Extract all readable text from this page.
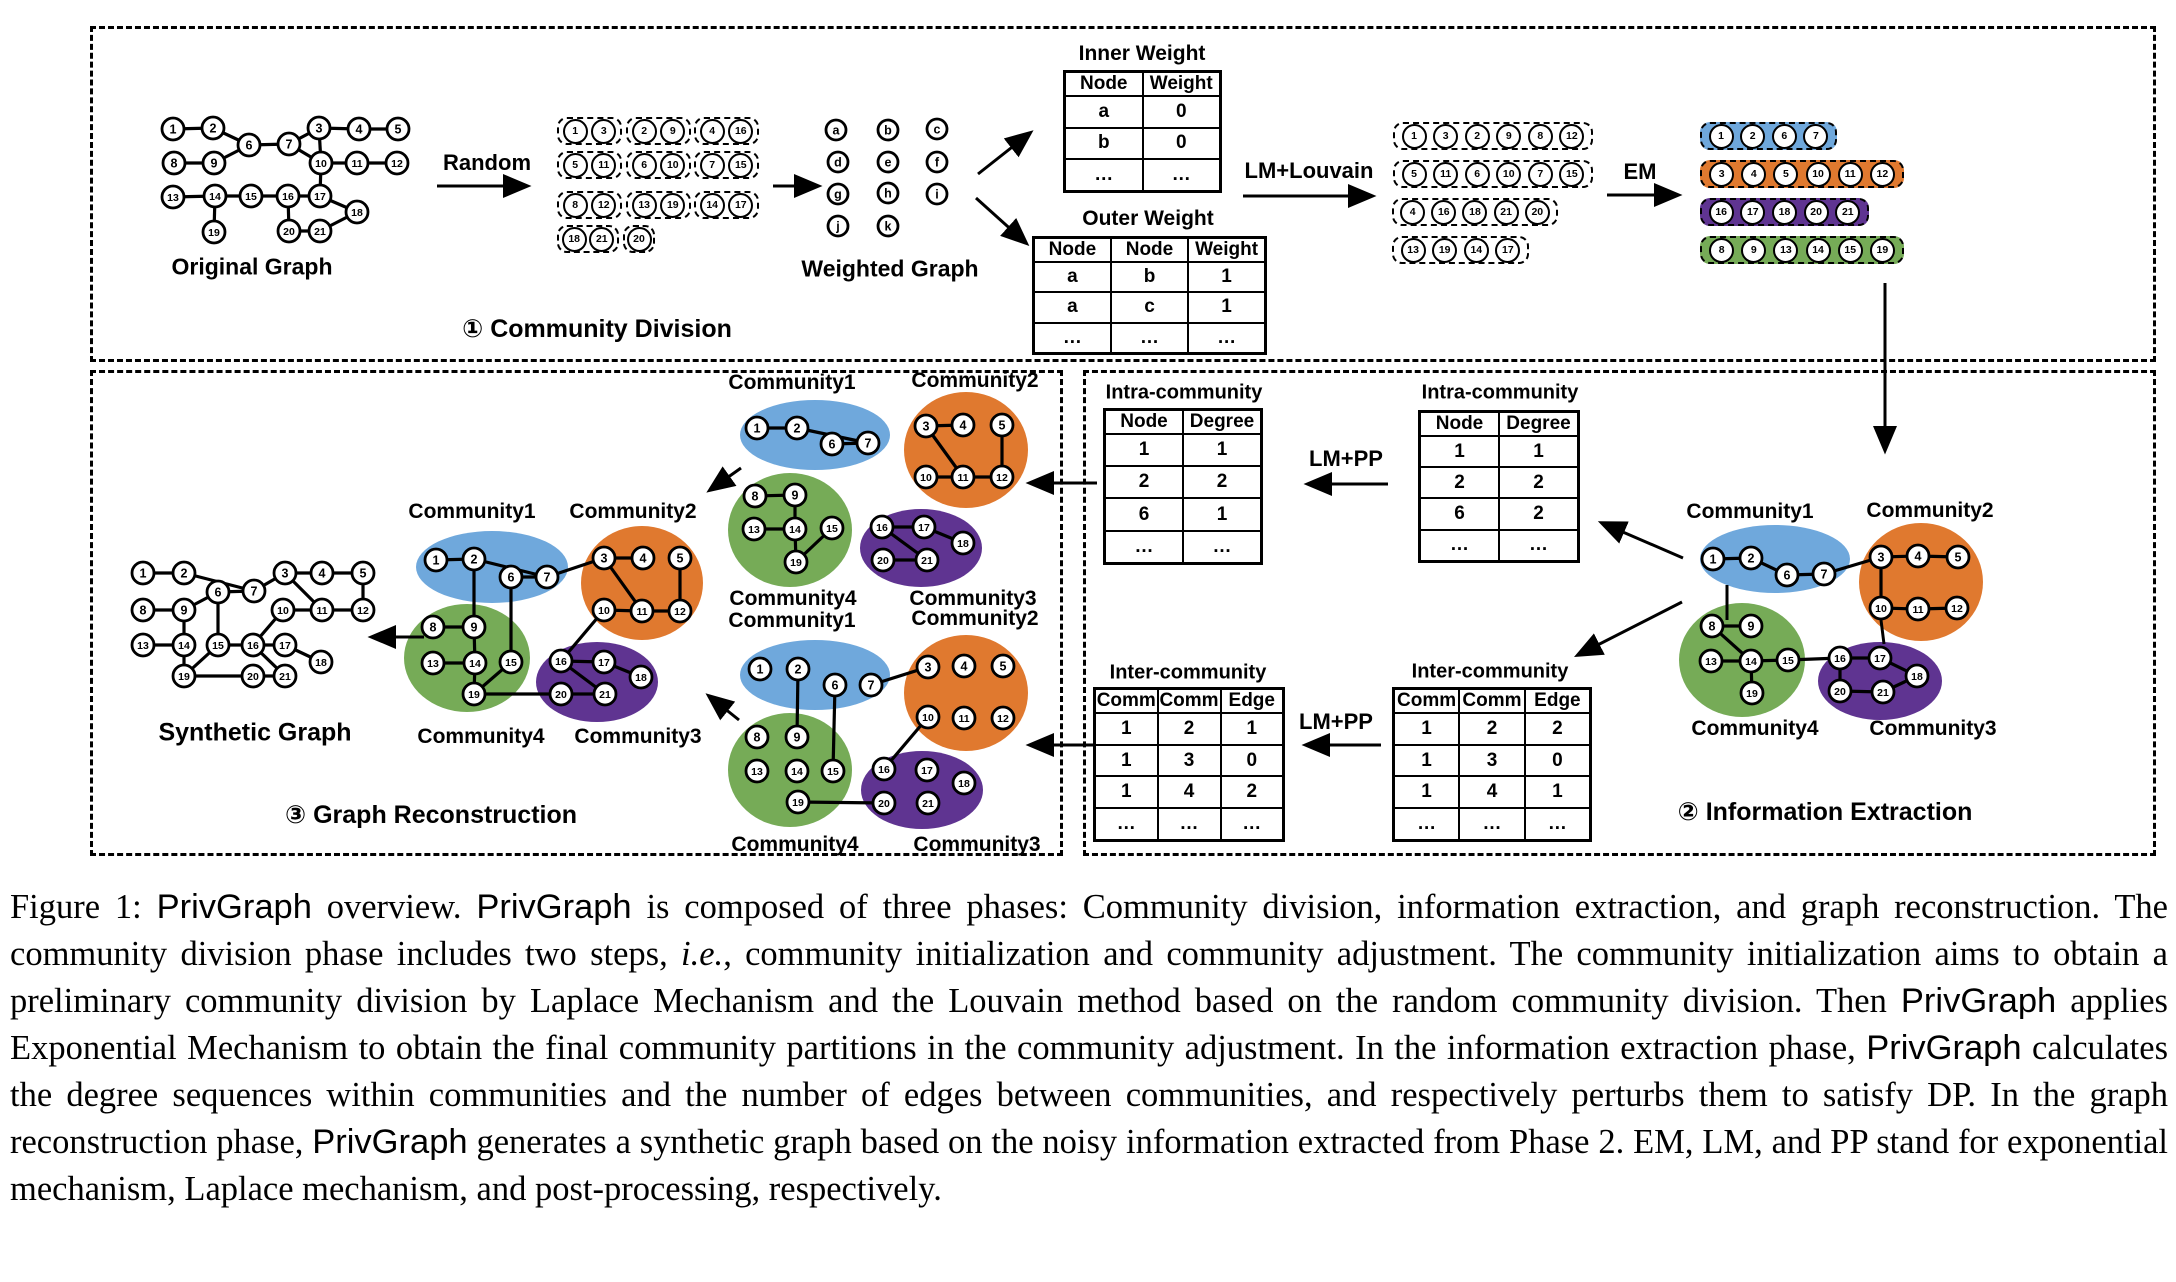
1	2	3	4	5
6	7
8	9	10 11	12
13	14 15 16 17
18
19	20 21
a	b	c
d	e	f
g	h	i
j	k
1 2
6 7
3 4	5
10 11	12
8	9
13	14 15
19
16	17
18
20	21
1	2
6 7
3 4	5
10 11	12
8	9
13	14 15
19
16	17
18
20	21
1 2
6 7
3 4	5
10 11	12
8	9
13	14 15
19
16	17
18
20	21
1 2
6 7
3	4 5
10	11	12
8	9
13	14 15
19
16	17
18
20	21
1	2	3 4	5
6 7
8	9	10	11	12
13	14 15 16 17
18
19	20 21
Original Graph
Random
Weighted Graph
Inner Weight
Outer Weight
LM+Louvain	EM
① Community Division
Node	Weight
a	0
b	0
…	…
Node	Node	Weight
a	b	1
a	c	1
…	…	…
Intra-community	Intra-community
Inter-community	Inter-community
LM+PP
LM+PP
Community1	Community2
Community4 Community3
② Information Extraction
Node	Degree
1	1
2	2
6	1
…	…
Node	Degree
1	1
2	2
6	2
…	…
Comm	Comm	Edge
1	2	1
1	3	0
1	4	2
…	…	…
Comm	Comm	Edge
1	2	2
1	3	0
1	4	1
…	…	…
Community1	Community2
Community4	Community3
Community1	Community2
Community4	Community3
Community1 Community2
Community4 Community3
Synthetic Graph
③ Graph Reconstruction
1	3	2	9	4	16
5	11	6	10	7	15
8	12	13	19	14	17
18	21	20
1	3	2	9	8	12
5	11	6	10	7	15
4	16	18	21	20
13	19	14	17
1	2	6	7
3	4	5	10	11	12
16	17	18	20	21
8	9	13	14	15	19
Figure 1: PrivGraph overview. PrivGraph is composed of three phases: Community division, information extraction, and graph reconstruction. The community division phase includes two steps, i.e., community initialization and community adjustment. The community initialization aims to obtain a preliminary community division by Laplace Mechanism and the Louvain method based on the random community division. Then PrivGraph applies Exponential Mechanism to obtain the final community partitions in the community adjustment. In the information extraction phase, PrivGraph calculates the degree sequences within communities and the number of edges between communities, and respectively perturbs them to satisfy DP. In the graph reconstruction phase, PrivGraph generates a synthetic graph based on the noisy information extracted from Phase 2. EM, LM, and PP stand for exponential mechanism, Laplace mechanism, and post-processing, respectively.
